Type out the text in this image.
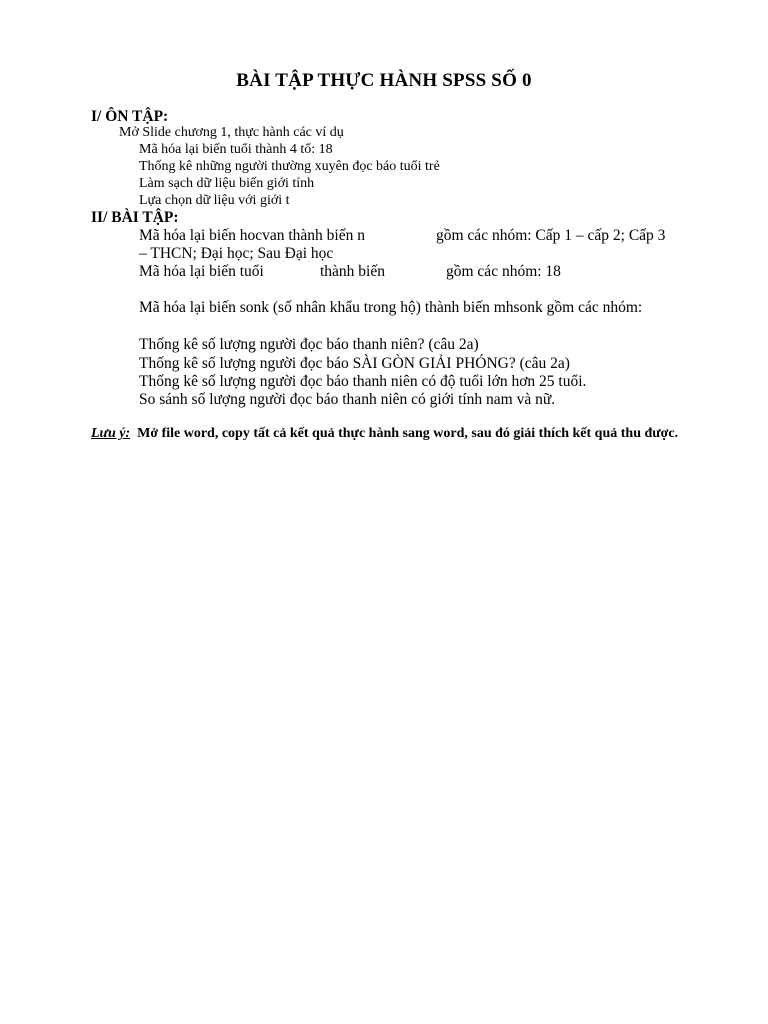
BÀI TẬP THỰC HÀNH SPSS SỐ 0
I/ ÔN TẬP:
Mở Slide chương 1, thực hành các ví dụ
Mã hóa lại biến tuổi thành 4 tổ: 18
Thống kê những người thường xuyên đọc báo tuổi trẻ
Làm sạch dữ liệu biến giới tính
Lựa chọn dữ liệu với giới t
II/ BÀI TẬP:
Mã hóa lại biến hocvan thành biến n	gồm các nhóm: Cấp 1 – cấp 2; Cấp 3
– THCN; Đại học; Sau Đại học
Mã hóa lại biến tuổi	thành biến	gồm các nhóm: 18
Mã hóa lại biến sonk (số nhân khẩu trong hộ) thành biến mhsonk gồm các nhóm:
Thống kê số lượng người đọc báo thanh niên? (câu 2a)
Thống kê số lượng người đọc báo SÀI GÒN GIẢI PHÓNG? (câu 2a)
Thống kê số lượng người đọc báo thanh niên có độ tuổi lớn hơn 25 tuổi.
So sánh số lượng người đọc báo thanh niên có giới tính nam và nữ.
Lưu ý: Mở file word, copy tất cả kết quả thực hành sang word, sau đó giải thích kết quả thu được.
